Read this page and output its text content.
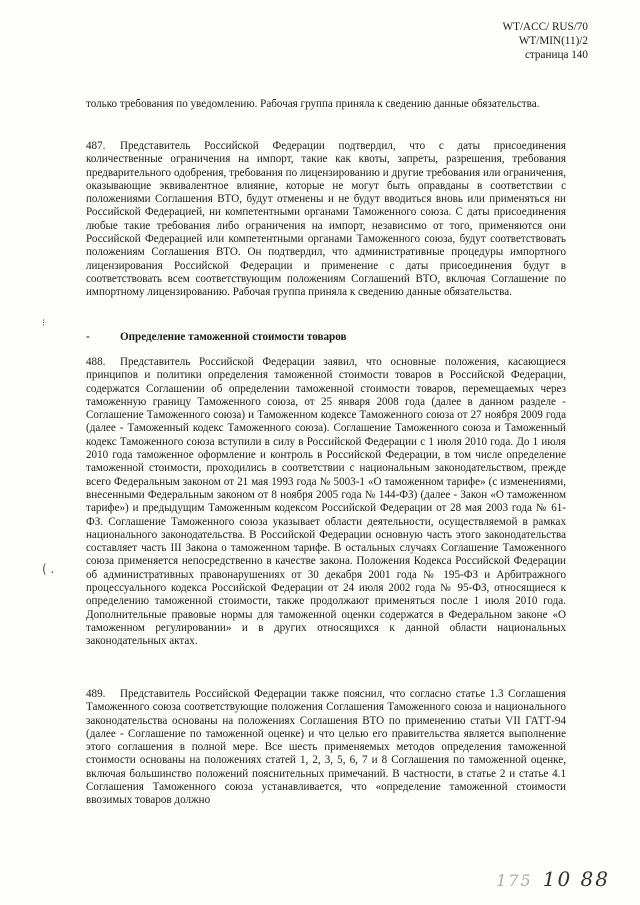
WT/ACC/ RUS/70
WT/MIN(11)/2
страница 140

только требования по уведомлению. Рабочая группа приняла к сведению данные обязательства.

487. Представитель Российской Федерации подтвердил, что с даты присоединения количественные ограничения на импорт, такие как квоты, запреты, разрешения, требования предварительного одобрения, требования по лицензированию и другие требования или ограничения, оказывающие эквивалентное влияние, которые не могут быть оправданы в соответствии с положениями Соглашения ВТО, будут отменены и не будут вводиться вновь или применяться ни Российской Федерацией, ни компетентными органами Таможенного союза. С даты присоединения любые такие требования либо ограничения на импорт, независимо от того, применяются они Российской Федерацией или компетентными органами Таможенного союза, будут соответствовать положениям Соглашения ВТО. Он подтвердил, что административные процедуры импортного лицензирования Российской Федерации и применение с даты присоединения будут в соответствовать всем соответствующим положениям Соглашений ВТО, включая Соглашение по импортному лицензированию. Рабочая группа приняла к сведению данные обязательства.

-	Определение таможенной стоимости товаров

488. Представитель Российской Федерации заявил, что основные положения, касающиеся принципов и политики определения таможенной стоимости товаров в Российской Федерации, содержатся Соглашении об определении таможенной стоимости товаров, перемещаемых через таможенную границу Таможенного союза, от 25 января 2008 года (далее в данном разделе - Соглашение Таможенного союза) и Таможенном кодексе Таможенного союза от 27 ноября 2009 года (далее - Таможенный кодекс Таможенного союза). Соглашение Таможенного союза и Таможенный кодекс Таможенного союза вступили в силу в Российской Федерации с 1 июля 2010 года. До 1 июля 2010 года таможенное оформление и контроль в Российской Федерации, в том числе определение таможенной стоимости, проходились в соответствии с национальным законодательством, прежде всего Федеральным законом от 21 мая 1993 года № 5003-1 «О таможенном тарифе» (с изменениями, внесенными Федеральным законом от 8 ноября 2005 года № 144-ФЗ) (далее - Закон «О таможенном тарифе») и предыдущим Таможенным кодексом Российской Федерации от 28 мая 2003 года № 61-ФЗ. Соглашение Таможенного союза указывает области деятельности, осуществляемой в рамках национального законодательства. В Российской Федерации основную часть этого законодательства составляет часть III Закона о таможенном тарифе. В остальных случаях Соглашение Таможенного союза применяется непосредственно в качестве закона. Положения Кодекса Российской Федерации об административных правонарушениях от 30 декабря 2001 года № 195-ФЗ и Арбитражного процессуального кодекса Российской Федерации от 24 июля 2002 года № 95-ФЗ, относящиеся к определению таможенной стоимости, также продолжают применяться после 1 июля 2010 года. Дополнительные правовые нормы для таможенной оценки содержатся в Федеральном законе «О таможенном регулировании» и в других относящихся к данной области национальных законодательных актах.

489. Представитель Российской Федерации также пояснил, что согласно статье 1.3 Соглашения Таможенного союза соответствующие положения Соглашения Таможенного союза и национального законодательства основаны на положениях Соглашения ВТО по применению статьи VII ГАТТ-94 (далее - Соглашение по таможенной оценке) и что целью его правительства является выполнение этого соглашения в полной мере. Все шесть применяемых методов определения таможенной стоимости основаны на положениях статей 1, 2, 3, 5, 6, 7 и 8 Соглашения по таможенной оценке, включая большинство положений пояснительных примечаний. В частности, в статье 2 и статье 4.1 Соглашения Таможенного союза устанавливается, что «определение таможенной стоимости ввозимых товаров должно

⁝
( .
175 10 88
